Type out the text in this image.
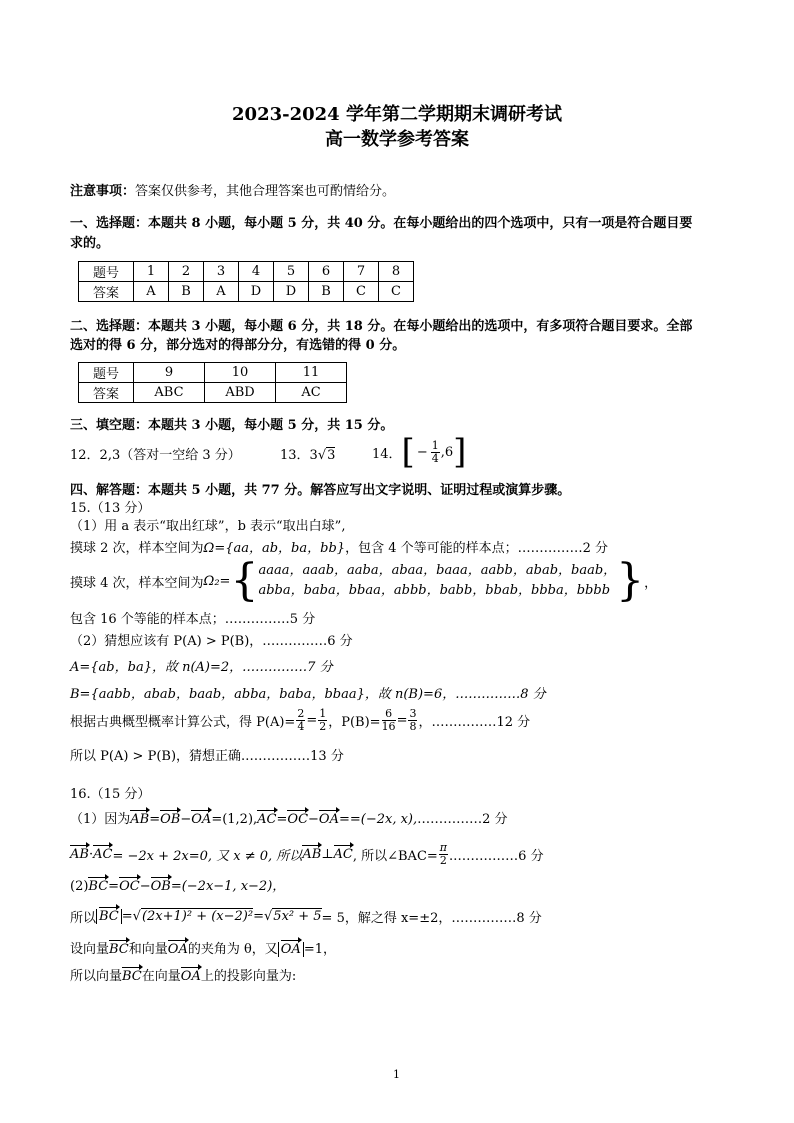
2023-2024 学年第二学期期末调研考试
高一数学参考答案
注意事项：答案仅供参考，其他合理答案也可酌情给分。
一、选择题：本题共 8 小题，每小题 5 分，共 40 分。在每小题给出的四个选项中，只有一项是符合题目要
求的。
题号	1	2	3	4	5	6	7	8
答案	A	B	A	D	D	B	C	C
二、选择题：本题共 3 小题，每小题 6 分，共 18 分。在每小题给出的选项中，有多项符合题目要求。全部
选对的得 6 分，部分选对的得部分分，有选错的得 0 分。
题号	9	10	11
答案	ABC	ABD	AC
三、填空题：本题共 3 小题，每小题 5 分，共 15 分。
12．2,3（答对一空给 3 分）	13．3√3	14． [ − $\frac{1}{4} ,6$ ]
四、解答题：本题共 5 小题，共 77 分。解答应写出文字说明、证明过程或演算步骤。
15.（13 分）
（1）用 a 表示“取出红球”，b 表示“取出白球”,
摸球 2 次，样本空间为Ω={aa，ab，ba，bb}，包含 4 个等可能的样本点；……………2 分
摸球 4 次，样本空间为 Ω₂= { aaaa，aaab，aaba，abaa，baaa，aabb，abab，baab，
abba，baba，bbaa，abbb，babb，bbab，bbba，bbbb } ，
包含 16 个等能的样本点；……………5 分
（2）猜想应该有 P(A) > P(B)，……………6 分
A={ab，ba}，故 n(A)=2，……………7 分
B={aabb，abab，baab，abba，baba，bbaa}，故 n(B)=6，……………8 分
根据古典概型概率计算公式，得 $P(A)= \frac{2}{4} = \frac{1}{2}$ ，$P(B)= \frac{6}{16} = \frac{3}{8}$ ，……………12 分
所以 P(A) > P(B)，猜想正确.……………13 分
16.（15 分）
（1）因为AB=OB−OA=(1,2),AC=OC−OA==(−2x, x),……………2 分
AB · AC = −2x + 2x=0, 又 x ≠ 0, 所以 AB ⊥ AC , 所以∠BAC= $\frac{\pi}{2}$ .……………6 分
(2)BC=OC−OB=(−2x−1, x−2)，
所以 BC =√ (2x+1)² + (x−2)² = √ 5x² + 5 = 5，解之得 x=±2，……………8 分
设向量BC和向量OA的夹角为 θ，又 OA =1，
所以向量BC在向量OA上的投影向量为:
1
